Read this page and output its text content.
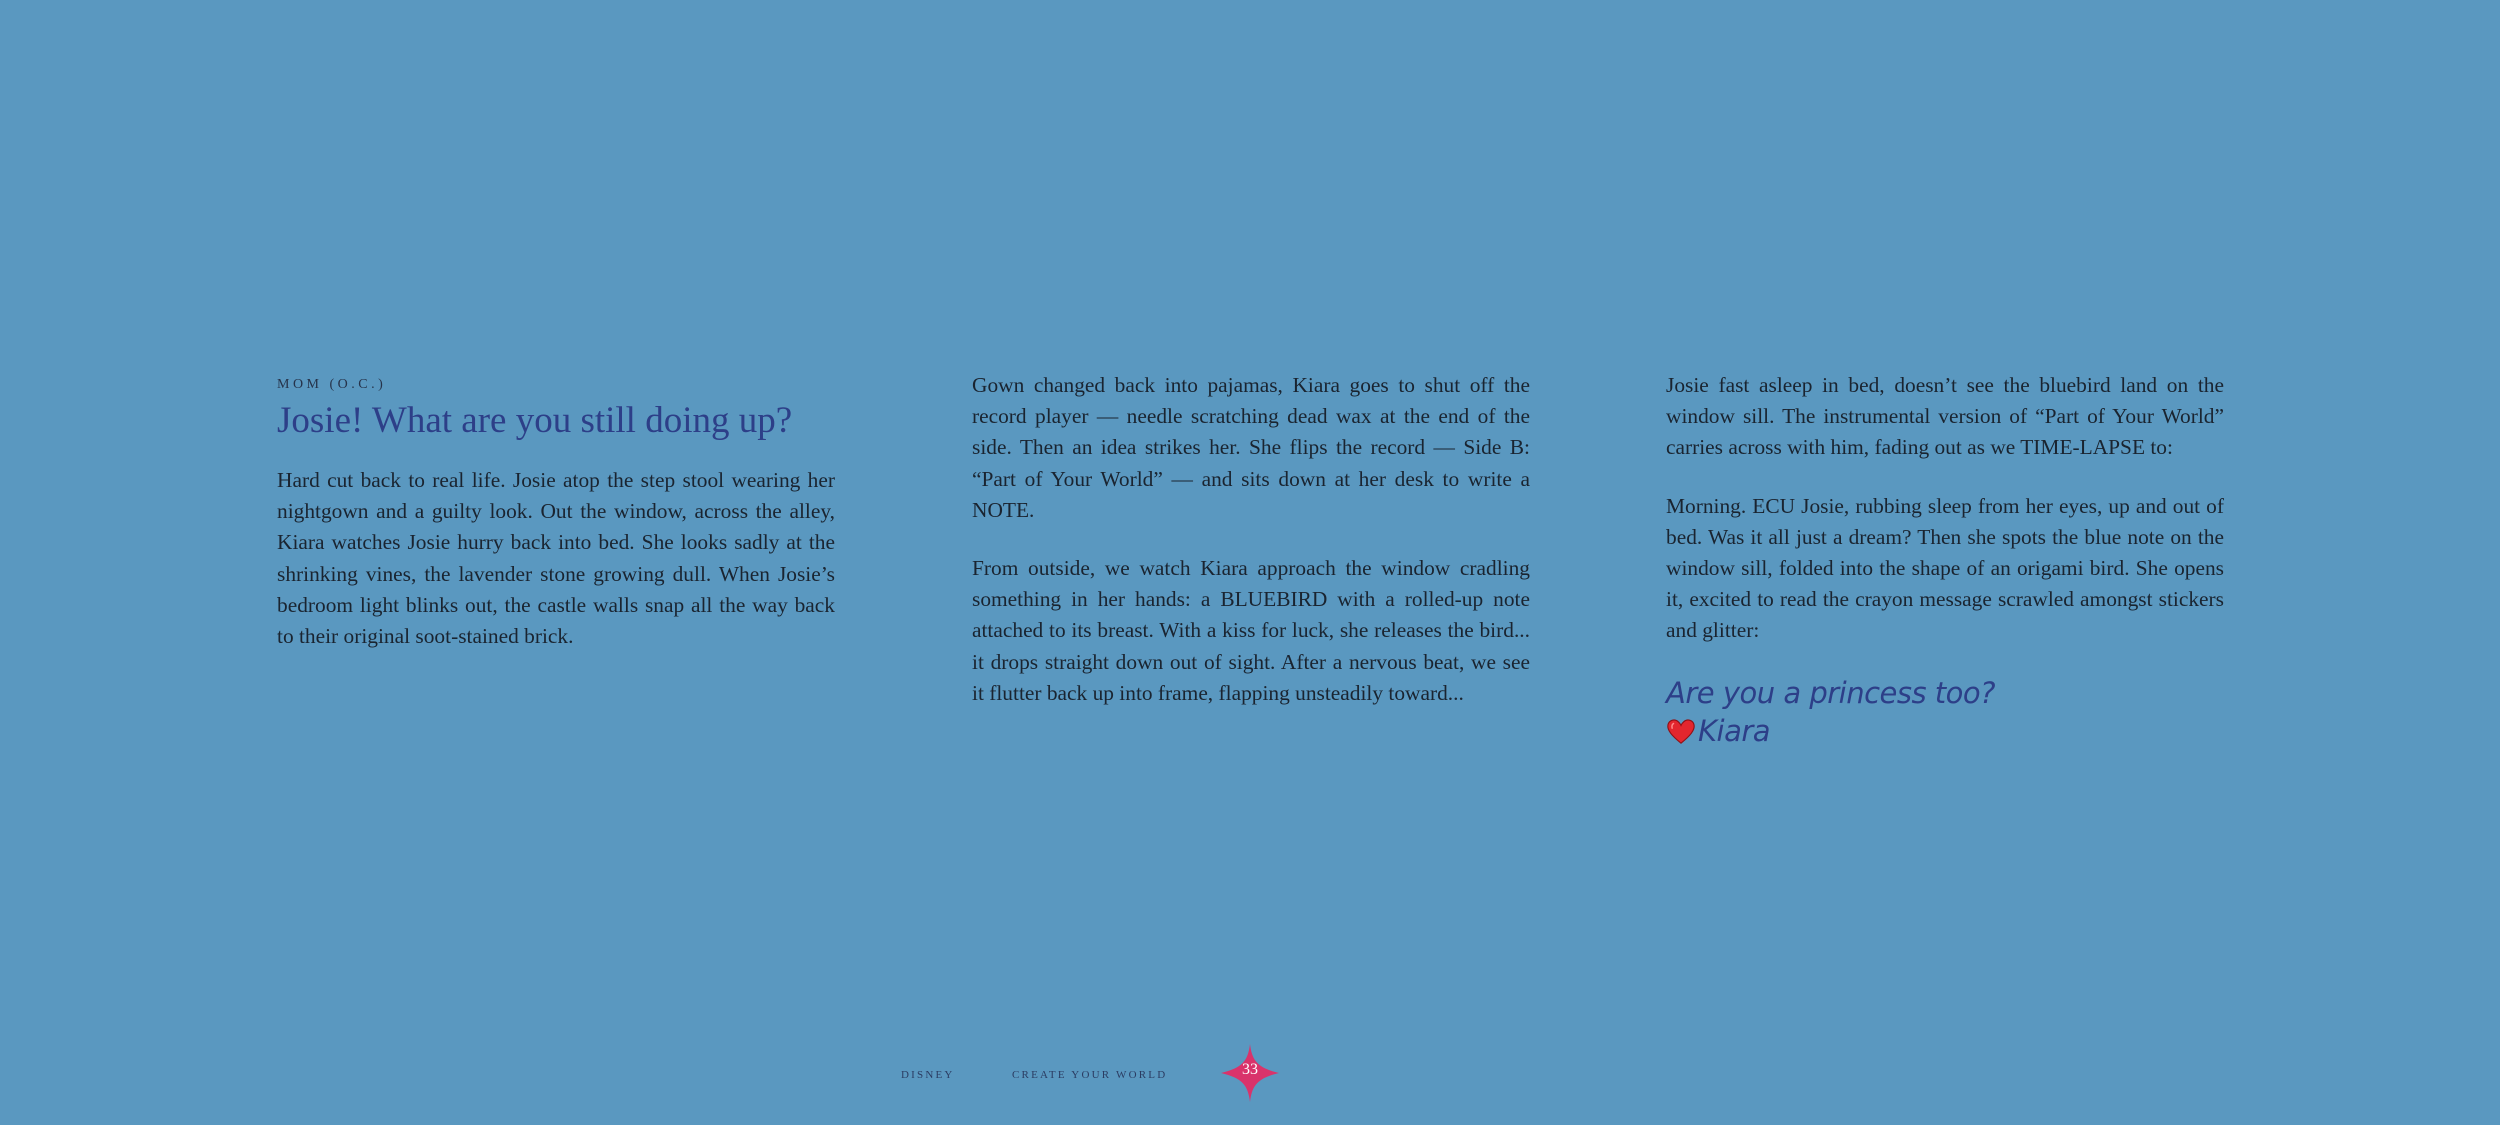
MOM (O.C.)
Josie! What are you still doing up?

Hard cut back to real life. Josie atop the step stool wearing her nightgown and a guilty look. Out the window, across the alley, Kiara watches Josie hurry back into bed. She looks sadly at the shrinking vines, the lavender stone growing dull. When Josie’s bedroom light blinks out, the castle walls snap all the way back to their original soot-stained brick.

Gown changed back into pajamas, Kiara goes to shut off the record player — needle scratching dead wax at the end of the side. Then an idea strikes her. She flips the record — Side B: “Part of Your World” — and sits down at her desk to write a NOTE.

From outside, we watch Kiara approach the window cradling something in her hands: a BLUEBIRD with a rolled-up note attached to its breast. With a kiss for luck, she releases the bird... it drops straight down out of sight. After a nervous beat, we see it flutter back up into frame, flapping unsteadily toward...

Josie fast asleep in bed, doesn’t see the bluebird land on the window sill. The instrumental version of “Part of Your World” carries across with him, fading out as we TIME-LAPSE to:

Morning. ECU Josie, rubbing sleep from her eyes, up and out of bed. Was it all just a dream? Then she spots the blue note on the window sill, folded into the shape of an origami bird. She opens it, excited to read the crayon message scrawled amongst stickers and glitter:

Are you a princess too?
Kiara
DISNEY	CREATE YOUR WORLD	33
